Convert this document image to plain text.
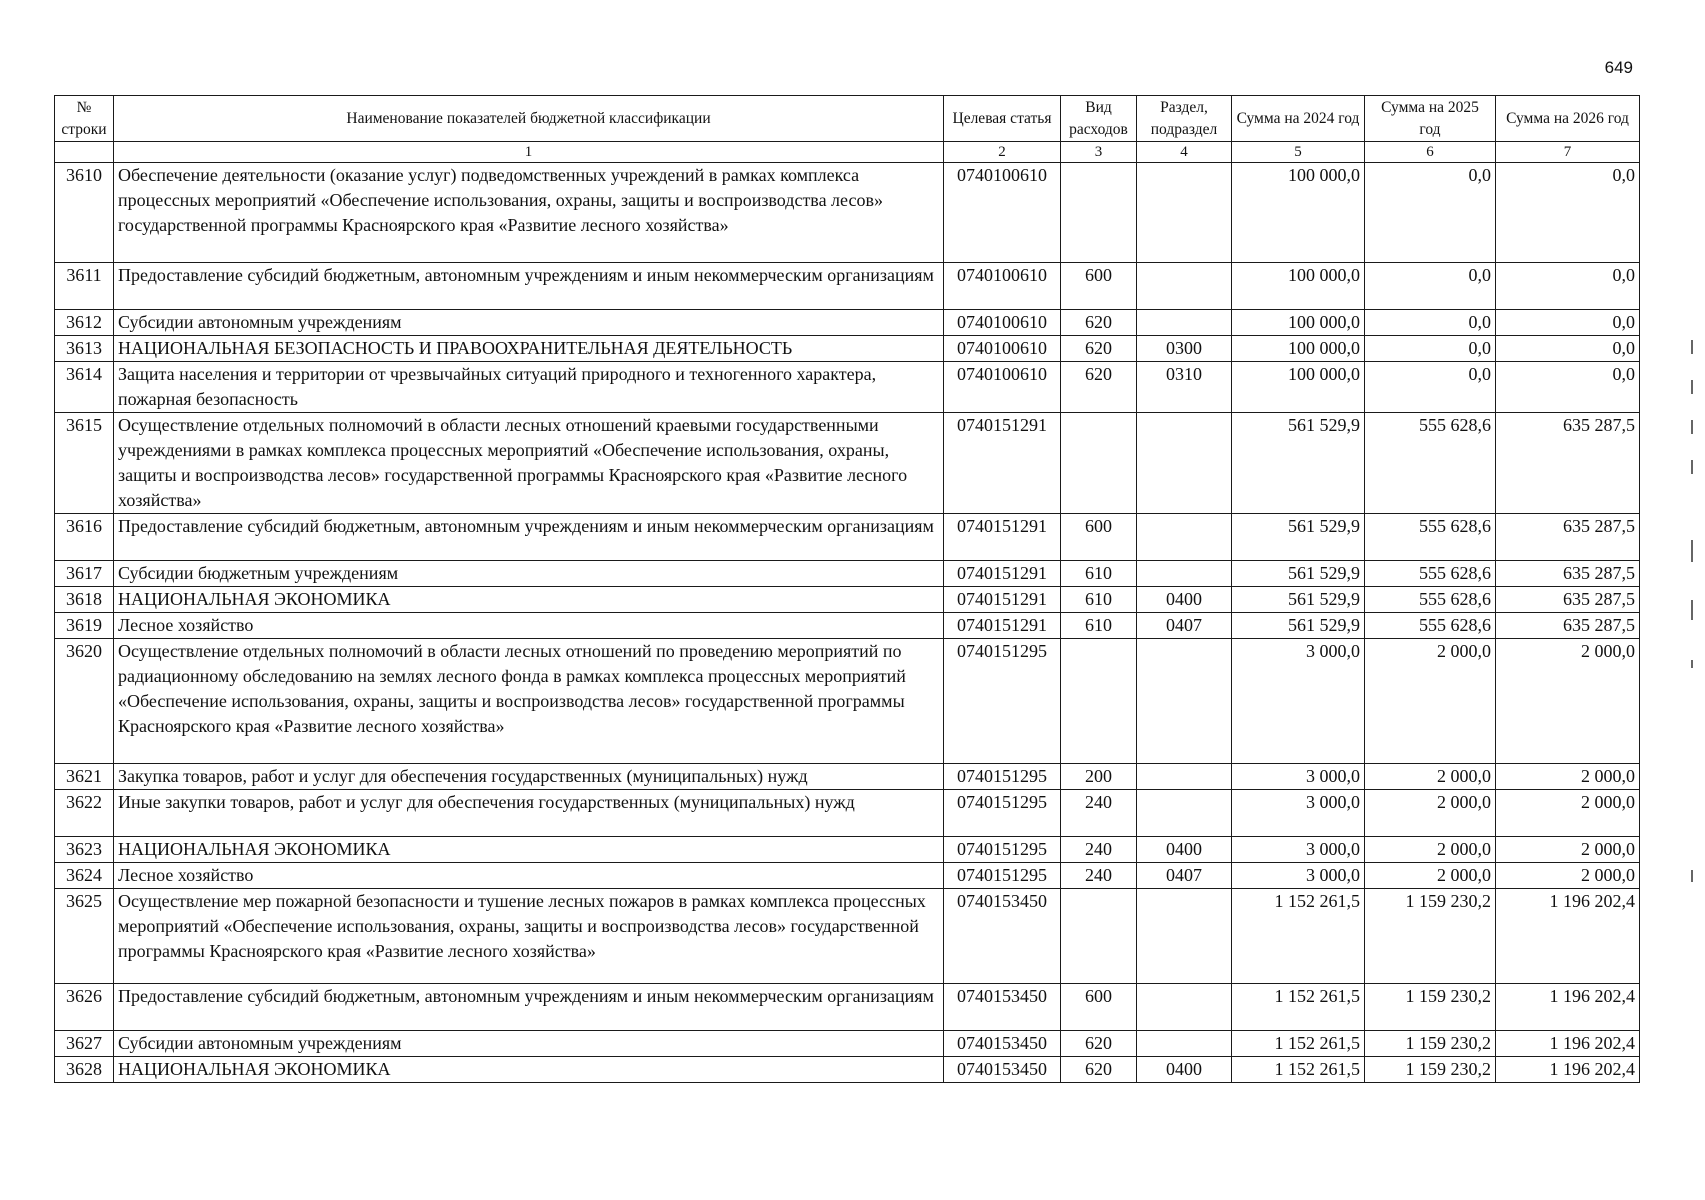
649
№ строки	Наименование показателей бюджетной классификации	Целевая статья	Вид расходов	Раздел, подраздел	Сумма на 2024 год	Сумма на 2025 год	Сумма на 2026 год
	1	2	3	4	5	6	7
3610	Обеспечение деятельности (оказание услуг) подведомственных учреждений в рамках комплекса процессных мероприятий «Обеспечение использования, охраны, защиты и воспроизводства лесов» государственной программы Красноярского края «Развитие лесного хозяйства»	0740100610			100 000,0	0,0	0,0
3611	Предоставление субсидий бюджетным, автономным учреждениям и иным некоммерческим организациям	0740100610	600		100 000,0	0,0	0,0
3612	Субсидии автономным учреждениям	0740100610	620		100 000,0	0,0	0,0
3613	НАЦИОНАЛЬНАЯ БЕЗОПАСНОСТЬ И ПРАВООХРАНИТЕЛЬНАЯ ДЕЯТЕЛЬНОСТЬ	0740100610	620	0300	100 000,0	0,0	0,0
3614	Защита населения и территории от чрезвычайных ситуаций природного и техногенного характера, пожарная безопасность	0740100610	620	0310	100 000,0	0,0	0,0
3615	Осуществление отдельных полномочий в области лесных отношений краевыми государственными учреждениями в рамках комплекса процессных мероприятий «Обеспечение использования, охраны, защиты и воспроизводства лесов» государственной программы Красноярского края «Развитие лесного хозяйства»	0740151291			561 529,9	555 628,6	635 287,5
3616	Предоставление субсидий бюджетным, автономным учреждениям и иным некоммерческим организациям	0740151291	600		561 529,9	555 628,6	635 287,5
3617	Субсидии бюджетным учреждениям	0740151291	610		561 529,9	555 628,6	635 287,5
3618	НАЦИОНАЛЬНАЯ ЭКОНОМИКА	0740151291	610	0400	561 529,9	555 628,6	635 287,5
3619	Лесное хозяйство	0740151291	610	0407	561 529,9	555 628,6	635 287,5
3620	Осуществление отдельных полномочий в области лесных отношений по проведению мероприятий по радиационному обследованию на землях лесного фонда в рамках комплекса процессных мероприятий «Обеспечение использования, охраны, защиты и воспроизводства лесов» государственной программы Красноярского края «Развитие лесного хозяйства»	0740151295			3 000,0	2 000,0	2 000,0
3621	Закупка товаров, работ и услуг для обеспечения государственных (муниципальных) нужд	0740151295	200		3 000,0	2 000,0	2 000,0
3622	Иные закупки товаров, работ и услуг для обеспечения государственных (муниципальных) нужд	0740151295	240		3 000,0	2 000,0	2 000,0
3623	НАЦИОНАЛЬНАЯ ЭКОНОМИКА	0740151295	240	0400	3 000,0	2 000,0	2 000,0
3624	Лесное хозяйство	0740151295	240	0407	3 000,0	2 000,0	2 000,0
3625	Осуществление мер пожарной безопасности и тушение лесных пожаров в рамках комплекса процессных мероприятий «Обеспечение использования, охраны, защиты и воспроизводства лесов» государственной программы Красноярского края «Развитие лесного хозяйства»	0740153450			1 152 261,5	1 159 230,2	1 196 202,4
3626	Предоставление субсидий бюджетным, автономным учреждениям и иным некоммерческим организациям	0740153450	600		1 152 261,5	1 159 230,2	1 196 202,4
3627	Субсидии автономным учреждениям	0740153450	620		1 152 261,5	1 159 230,2	1 196 202,4
3628	НАЦИОНАЛЬНАЯ ЭКОНОМИКА	0740153450	620	0400	1 152 261,5	1 159 230,2	1 196 202,4
